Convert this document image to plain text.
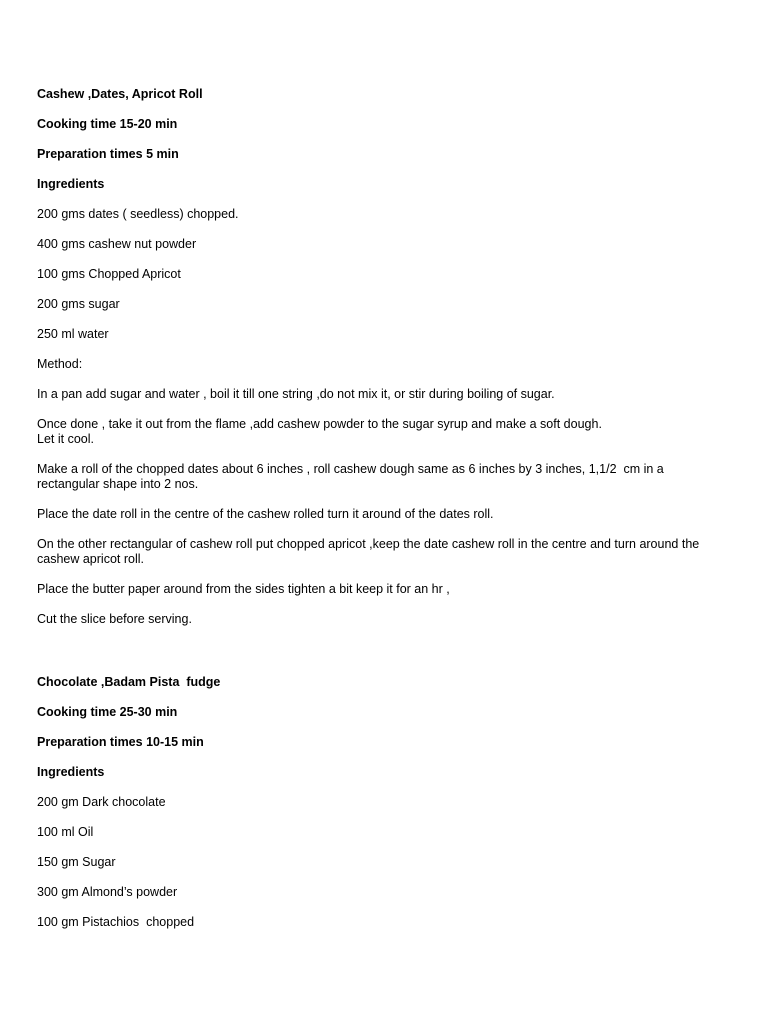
Cashew ,Dates, Apricot Roll

Cooking time 15-20 min

Preparation times 5 min

Ingredients

200 gms dates ( seedless) chopped.

400 gms cashew nut powder

100 gms Chopped Apricot

200 gms sugar

250 ml water

Method:

In a pan add sugar and water , boil it till one string ,do not mix it, or stir during boiling of sugar.

Once done , take it out from the flame ,add cashew powder to the sugar syrup and make a soft dough.
Let it cool.

Make a roll of the chopped dates about 6 inches , roll cashew dough same as 6 inches by 3 inches, 1,1/2  cm in a rectangular shape into 2 nos.

Place the date roll in the centre of the cashew rolled turn it around of the dates roll.

On the other rectangular of cashew roll put chopped apricot ,keep the date cashew roll in the centre and turn around the cashew apricot roll.

Place the butter paper around from the sides tighten a bit keep it for an hr ,

Cut the slice before serving.

Chocolate ,Badam Pista  fudge

Cooking time 25-30 min

Preparation times 10-15 min

Ingredients

200 gm Dark chocolate

100 ml Oil

150 gm Sugar

300 gm Almond’s powder

100 gm Pistachios  chopped
